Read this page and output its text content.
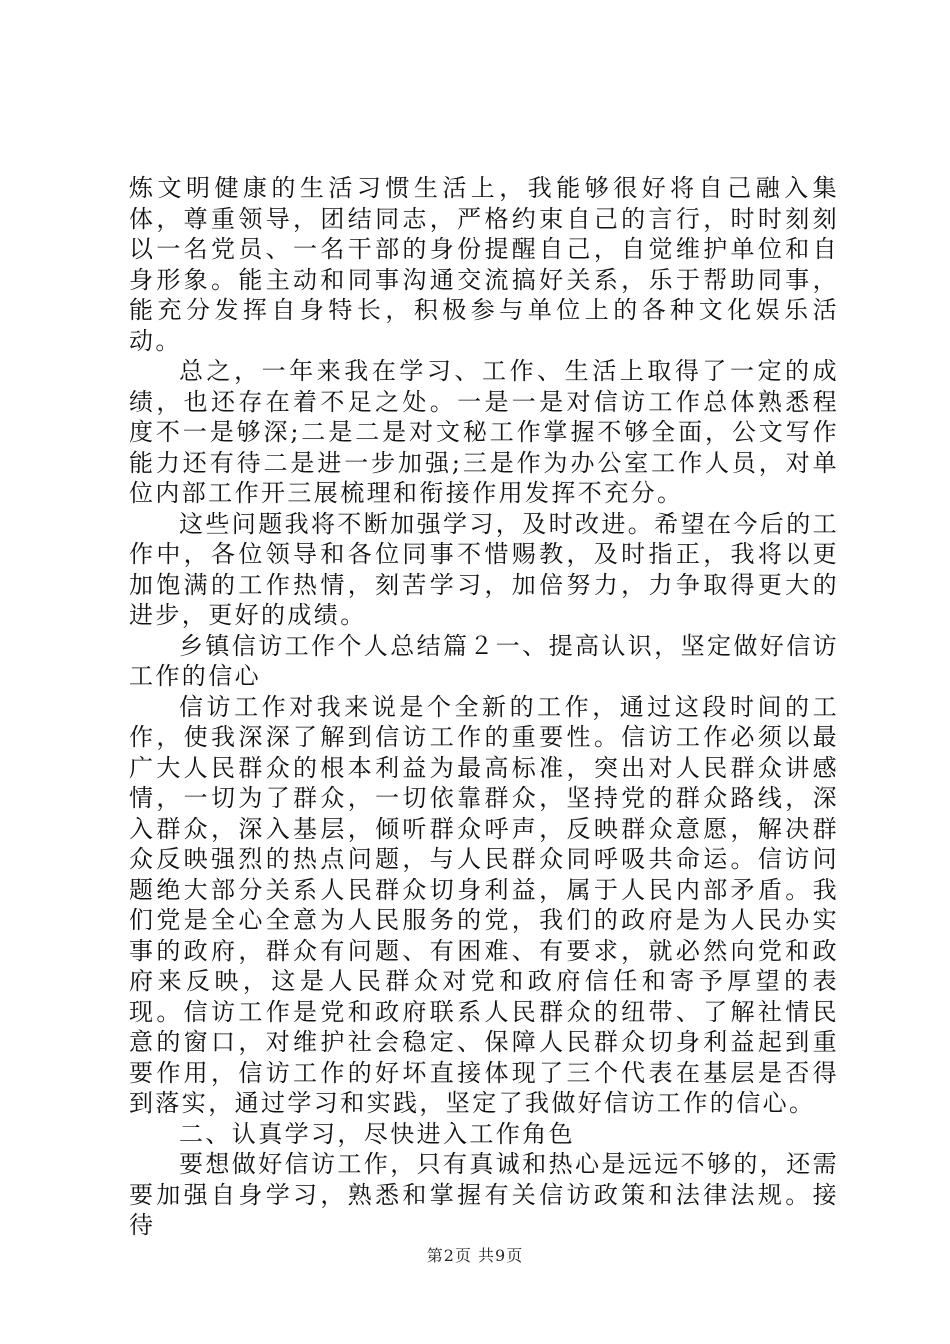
炼文明健康的生活习惯生活上，我能够很好将自己融入集体，尊重领导，团结同志，严格约束自己的言行，时时刻刻以一名党员、一名干部的身份提醒自己，自觉维护单位和自身形象。能主动和同事沟通交流搞好关系，乐于帮助同事，能充分发挥自身特长，积极参与单位上的各种文化娱乐活动。

总之，一年来我在学习、工作、生活上取得了一定的成绩，也还存在着不足之处。一是一是对信访工作总体熟悉程度不一是够深;二是二是对文秘工作掌握不够全面，公文写作能力还有待二是进一步加强;三是作为办公室工作人员，对单位内部工作开三展梳理和衔接作用发挥不充分。

这些问题我将不断加强学习，及时改进。希望在今后的工作中，各位领导和各位同事不惜赐教，及时指正，我将以更加饱满的工作热情，刻苦学习，加倍努力，力争取得更大的进步，更好的成绩。

乡镇信访工作个人总结篇２一、提高认识，坚定做好信访工作的信心

信访工作对我来说是个全新的工作，通过这段时间的工作，使我深深了解到信访工作的重要性。信访工作必须以最广大人民群众的根本利益为最高标准，突出对人民群众讲感情，一切为了群众，一切依靠群众，坚持党的群众路线，深入群众，深入基层，倾听群众呼声，反映群众意愿，解决群众反映强烈的热点问题，与人民群众同呼吸共命运。信访问题绝大部分关系人民群众切身利益，属于人民内部矛盾。我们党是全心全意为人民服务的党，我们的政府是为人民办实事的政府，群众有问题、有困难、有要求，就必然向党和政府来反映，这是人民群众对党和政府信任和寄予厚望的表现。信访工作是党和政府联系人民群众的纽带、了解社情民意的窗口，对维护社会稳定、保障人民群众切身利益起到重要作用，信访工作的好坏直接体现了三个代表在基层是否得到落实，通过学习和实践，坚定了我做好信访工作的信心。

二、认真学习，尽快进入工作角色

要想做好信访工作，只有真诚和热心是远远不够的，还需要加强自身学习，熟悉和掌握有关信访政策和法律法规。接待

第2页 共9页
